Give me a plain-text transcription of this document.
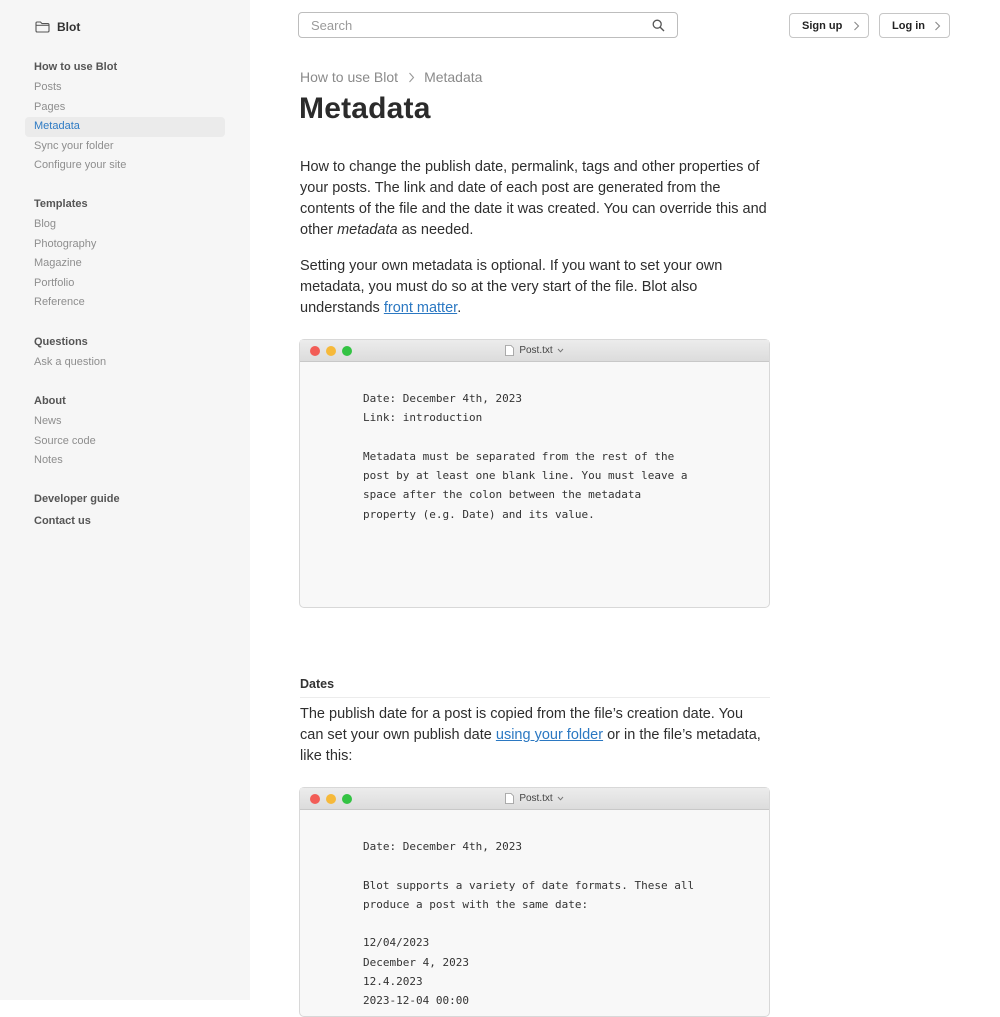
Blot
How to use Blot
Posts
Pages
Metadata
Sync your folder
Configure your site
Templates
Blog
Photography
Magazine
Portfolio
Reference
Questions
Ask a question
About
News
Source code
Notes
Developer guide
Contact us
Search
Sign up	Log in
How to use Blot Metadata
Metadata

How to change the publish date, permalink, tags and other properties of your posts. The link and date of each post are generated from the contents of the file and the date it was created. You can override this and other metadata as needed.

Setting your own metadata is optional. If you want to set your own metadata, you must do so at the very start of the file. Blot also understands front matter.

Post.txt
Date: December 4th, 2023
Link: introduction
Metadata must be separated from the rest of the
post by at least one blank line. You must leave a
space after the colon between the metadata
property (e.g. Date) and its value.
Dates

The publish date for a post is copied from the file’s creation date. You can set your own publish date using your folder or in the file’s metadata, like this:

Post.txt
Date: December 4th, 2023
Blot supports a variety of date formats. These all
produce a post with the same date:
12/04/2023
December 4, 2023
12.4.2023
2023-12-04 00:00
